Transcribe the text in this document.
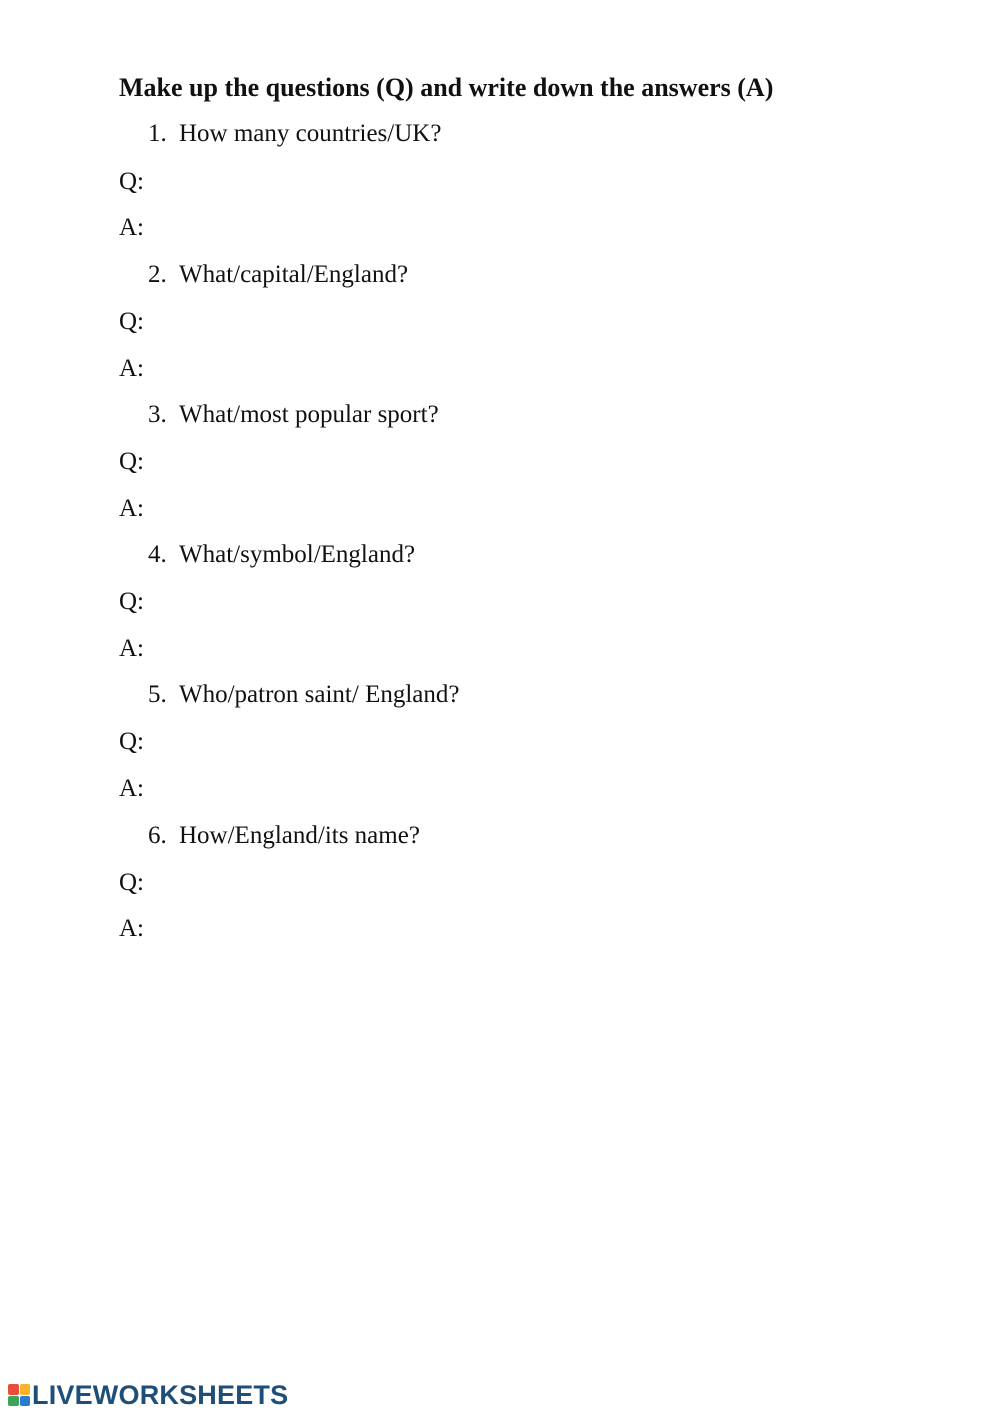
Make up the questions (Q) and write down the answers (A)
1. How many countries/UK?
Q:
A:
2. What/capital/England?
Q:
A:
3. What/most popular sport?
Q:
A:
4. What/symbol/England?
Q:
A:
5. Who/patron saint/ England?
Q:
A:
6. How/England/its name?
Q:
A:
LIVEWORKSHEETS
